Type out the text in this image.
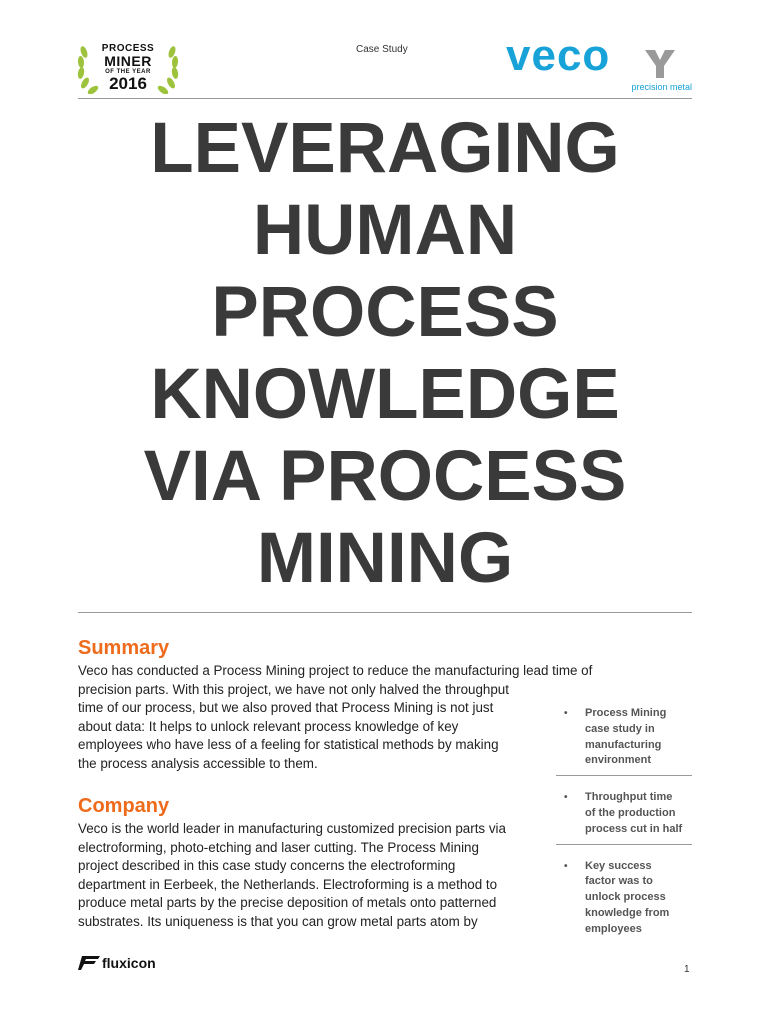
PROCESS
MINER
OF THE YEAR
2016
Case Study veco
precision metal
LEVERAGING
HUMAN
PROCESS
KNOWLEDGE
VIA PROCESS
MINING
Summary
Veco has conducted a Process Mining project to reduce the manufacturing lead time of
precision parts. With this project, we have not only halved the throughput
time of our process, but we also proved that Process Mining is not just
about data: It helps to unlock relevant process knowledge of key
employees who have less of a feeling for statistical methods by making
the process analysis accessible to them.
Company
Veco is the world leader in manufacturing customized precision parts via
electroforming, photo-etching and laser cutting. The Process Mining
project described in this case study concerns the electroforming
department in Eerbeek, the Netherlands. Electroforming is a method to
produce metal parts by the precise deposition of metals onto patterned
substrates. Its uniqueness is that you can grow metal parts atom by
• Process Mining
case study in
manufacturing
environment
• Throughput time
of the production
process cut in half
• Key success
factor was to
unlock process
knowledge from
employees
fluxicon	1
